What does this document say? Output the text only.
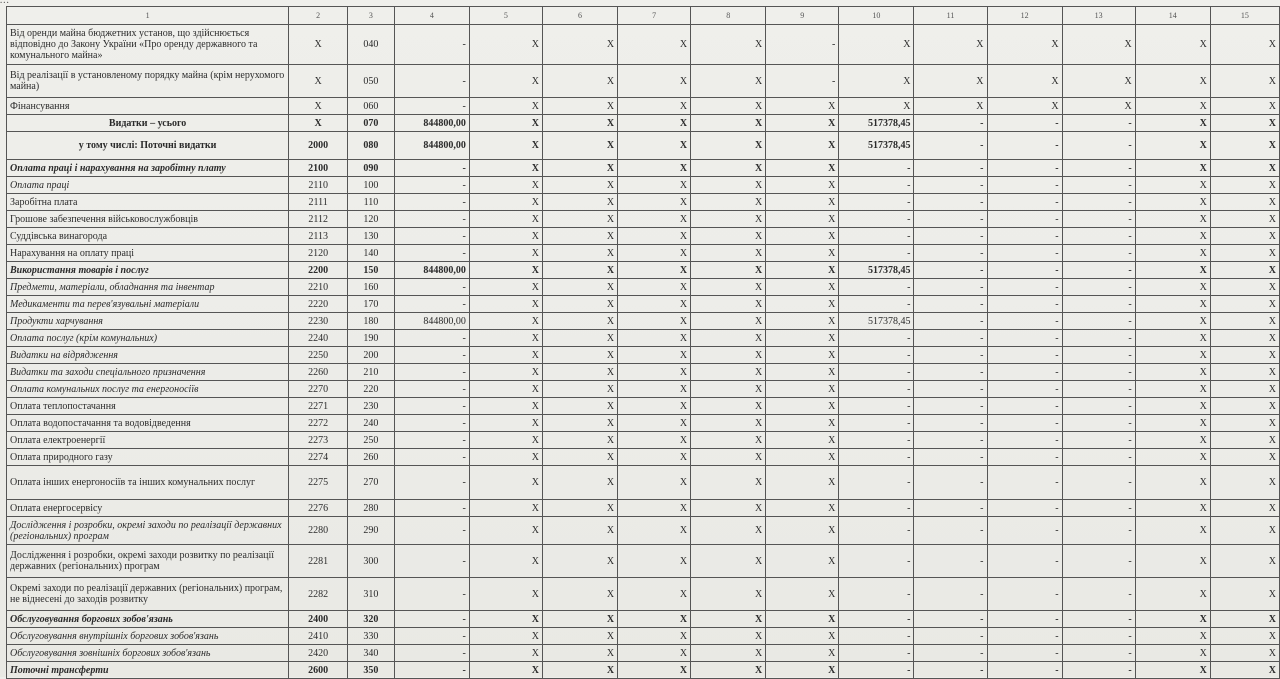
...
1	2	3	4	5	6	7	8	9	10	11	12	13	14	15
Від оренди майна бюджетних установ, що здійснюється відповідно до Закону України «Про оренду державного та комунального майна»	Х	040	-	Х	Х	Х	Х	-	Х	Х	Х	Х	Х	Х
Від реалізації в установленому порядку майна (крім нерухомого майна)	Х	050	-	Х	Х	Х	Х	-	Х	Х	Х	Х	Х	Х
Фінансування	Х	060	-	Х	Х	Х	Х	Х	Х	Х	Х	Х	Х	Х
Видатки – усього	Х	070	844800,00	Х	Х	Х	Х	Х	517378,45	-	-	-	Х	Х
у тому числі: Поточні видатки	2000	080	844800,00	Х	Х	Х	Х	Х	517378,45	-	-	-	Х	Х
Оплата праці і нарахування на заробітну плату	2100	090	-	Х	Х	Х	Х	Х	-	-	-	-	Х	Х
Оплата праці	2110	100	-	Х	Х	Х	Х	Х	-	-	-	-	Х	Х
Заробітна плата	2111	110	-	Х	Х	Х	Х	Х	-	-	-	-	Х	Х
Грошове забезпечення військовослужбовців	2112	120	-	Х	Х	Х	Х	Х	-	-	-	-	Х	Х
Суддівська винагорода	2113	130	-	Х	Х	Х	Х	Х	-	-	-	-	Х	Х
Нарахування на оплату праці	2120	140	-	Х	Х	Х	Х	Х	-	-	-	-	Х	Х
Використання товарів і послуг	2200	150	844800,00	Х	Х	Х	Х	Х	517378,45	-	-	-	Х	Х
Предмети, матеріали, обладнання та інвентар	2210	160	-	Х	Х	Х	Х	Х	-	-	-	-	Х	Х
Медикаменти та перев'язувальні матеріали	2220	170	-	Х	Х	Х	Х	Х	-	-	-	-	Х	Х
Продукти харчування	2230	180	844800,00	Х	Х	Х	Х	Х	517378,45	-	-	-	Х	Х
Оплата послуг (крім комунальних)	2240	190	-	Х	Х	Х	Х	Х	-	-	-	-	Х	Х
Видатки на відрядження	2250	200	-	Х	Х	Х	Х	Х	-	-	-	-	Х	Х
Видатки та заходи спеціального призначення	2260	210	-	Х	Х	Х	Х	Х	-	-	-	-	Х	Х
Оплата комунальних послуг та енергоносіїв	2270	220	-	Х	Х	Х	Х	Х	-	-	-	-	Х	Х
Оплата теплопостачання	2271	230	-	Х	Х	Х	Х	Х	-	-	-	-	Х	Х
Оплата водопостачання та водовідведення	2272	240	-	Х	Х	Х	Х	Х	-	-	-	-	Х	Х
Оплата електроенергії	2273	250	-	Х	Х	Х	Х	Х	-	-	-	-	Х	Х
Оплата природного газу	2274	260	-	Х	Х	Х	Х	Х	-	-	-	-	Х	Х
Оплата інших енергоносіїв та інших комунальних послуг	2275	270	-	Х	Х	Х	Х	Х	-	-	-	-	Х	Х
Оплата енергосервісу	2276	280	-	Х	Х	Х	Х	Х	-	-	-	-	Х	Х
Дослідження і розробки, окремі заходи по реалізації державних (регіональних) програм	2280	290	-	Х	Х	Х	Х	Х	-	-	-	-	Х	Х
Дослідження і розробки, окремі заходи розвитку по реалізації державних (регіональних) програм	2281	300	-	Х	Х	Х	Х	Х	-	-	-	-	Х	Х
Окремі заходи по реалізації державних (регіональних) програм, не віднесені до заходів розвитку	2282	310	-	Х	Х	Х	Х	Х	-	-	-	-	Х	Х
Обслуговування боргових зобов'язань	2400	320	-	Х	Х	Х	Х	Х	-	-	-	-	Х	Х
Обслуговування внутрішніх боргових зобов'язань	2410	330	-	Х	Х	Х	Х	Х	-	-	-	-	Х	Х
Обслуговування зовнішніх боргових зобов'язань	2420	340	-	Х	Х	Х	Х	Х	-	-	-	-	Х	Х
Поточні трансферти	2600	350	-	Х	Х	Х	Х	Х	-	-	-	-	Х	Х
